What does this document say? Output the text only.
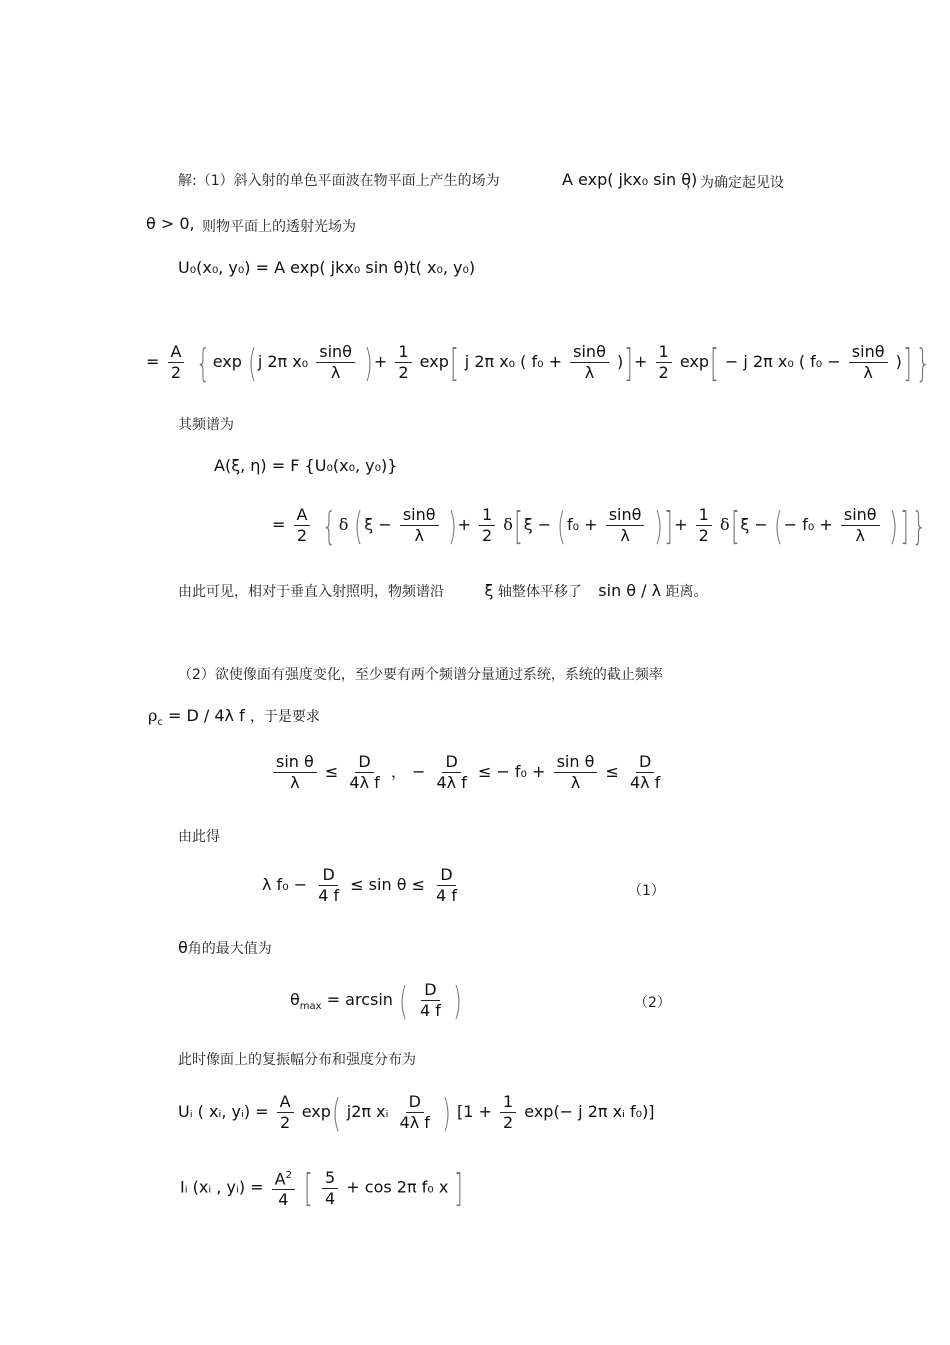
解:（1）斜入射的单色平面波在物平面上产生的场为	A exp( jkx₀ sin θ)
，为确定起见设
θ > 0, 则物平面上的透射光场为
U₀(x₀, y₀) = A exp( jkx₀ sin θ)t( x₀, y₀)
= $\frac{A}{2}$ { exp (j 2π $x_0 \frac{\sin\theta}{\lambda}$ )+ $\frac{1}{2} \exp$[ j 2π x₀ ( $f_0 + \frac{\sin\theta}{\lambda}$ )]+ $\frac{1}{2} \exp[ - j$ 2π x₀ ( $f_0 - \frac{\sin\theta}{\lambda}$ )] }
其频谱为
A(ξ, η) = F {U₀(x₀, y₀)}
= $\frac{A}{2}$ { δ ($\xi - \frac{\sin\theta}{\lambda}$ )+ $\frac{1}{2} \delta[\xi - (f_0 + \frac{\sin\theta}{\lambda}$ )]+ $\frac{1}{2} \delta[\xi$ − (− $f_0 + \frac{\sin\theta}{\lambda}$ )] }
由此可见，相对于垂直入射照明，物频谱沿	ξ 轴整体平移了 sin θ / λ 距离。
（2）欲使像面有强度变化，至少要有两个频谱分量通过系统，系统的截止频率
$\rho_c = D / 4\lambda$ f ，于是要求
$\frac{\text{sin θ}}{\lambda} \le \frac{D}{\text{4λ f}}$ ， − $\frac{D}{\text{4λ f}}$ ≤ − $f_0 + \frac{\text{sin θ}}{\lambda} \le \frac{D}{\text{4λ f}}$
由此得
λ $f_0 - \frac{D}{4 f} \le \sin \theta \le \frac{D}{4 f}$	（1）
θ角的最大值为
$\theta_{max} = \arcsin$ ( $\frac{D}{4 f}$ )	（2）
此时像面上的复振幅分布和强度分布为
Uᵢ ( xᵢ, yᵢ) = $\frac{A}{2} \exp$( j2π xᵢ $\frac{D}{\text{4λ f}}$ ) [$1 + \frac{1}{2} \exp(- j$ 2π xᵢ f₀)]
Iᵢ (xᵢ , yᵢ) = $\frac{A^2}{4}$ [ $\frac{5}{4} + \cos 2\pi$ f₀ x ]
